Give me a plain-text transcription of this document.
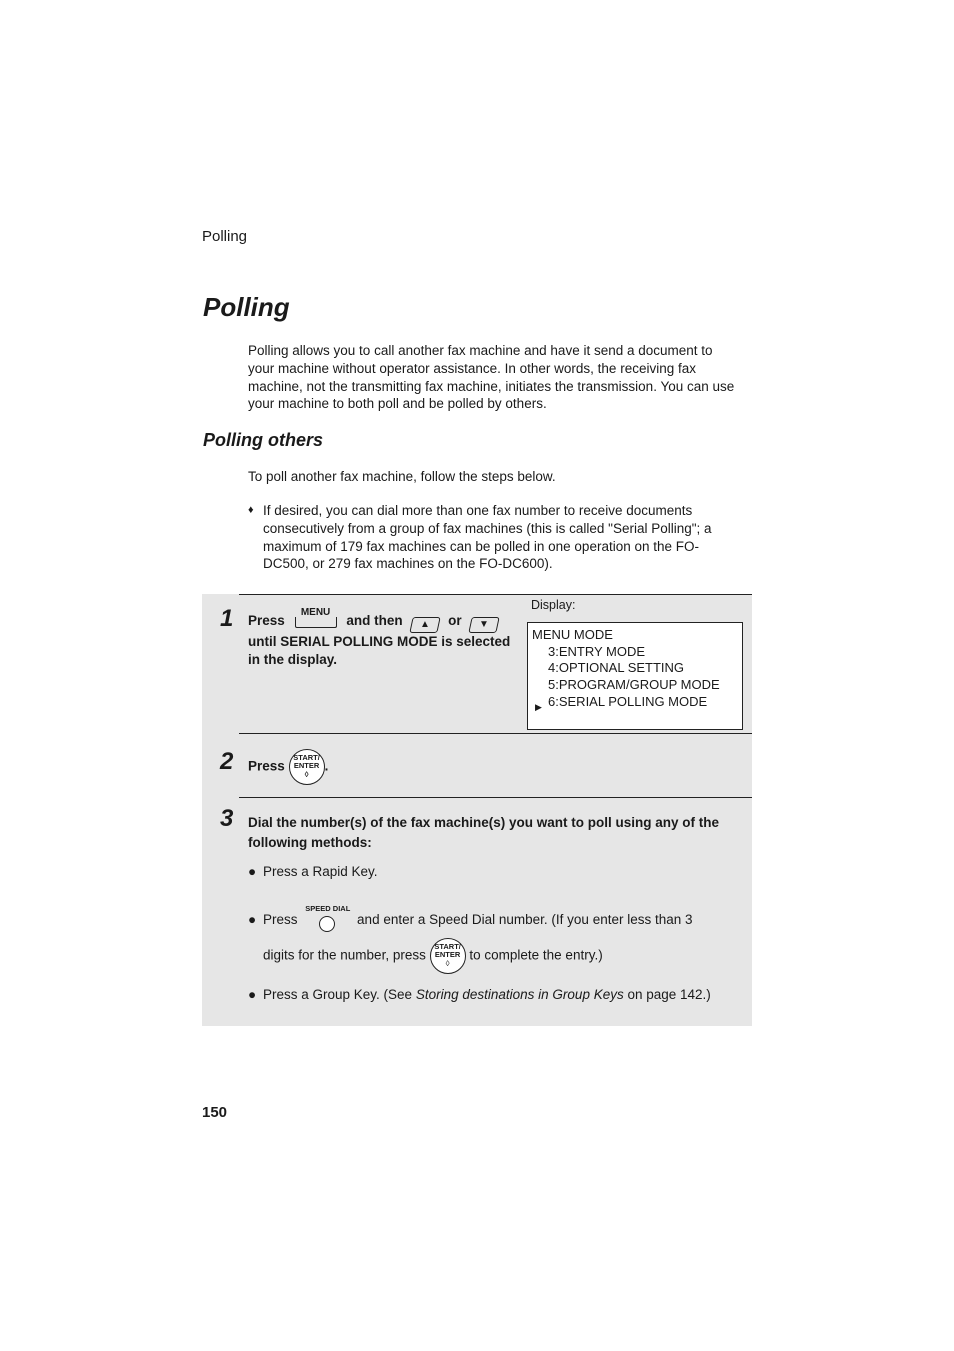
Polling
Polling

Polling allows you to call another fax machine and have it send a document to your machine without operator assistance. In other words, the receiving fax machine, not the transmitting fax machine, initiates the transmission. You can use your machine to both poll and be polled by others.

Polling others
To poll another fax machine, follow the steps below.
♦ If desired, you can dial more than one fax number to receive documents consecutively from a group of fax machines (this is called "Serial Polling"; a maximum of 179 fax machines can be polled in one operation on the FO-DC500, or 279 fax machines on the FO-DC600).
1 Press
MENU
and then ▲ or ▼
until SERIAL POLLING MODE is selected in the display.
Display:
MENU MODE
3:ENTRY MODE
4:OPTIONAL SETTING
5:PROGRAM/GROUP MODE
▶ 6:SERIAL POLLING MODE
2 Press
START/
ENTER
◊
.
3 Dial the number(s) of the fax machine(s) you want to poll using any of the following methods:
● Press a Rapid Key.
● Press
SPEED DIAL
and enter a Speed Dial number. (If you enter less than 3
digits for the number, press
START/
ENTER
◊
to complete the entry.)
● Press a Group Key. (See Storing destinations in Group Keys on page 142.)
150
